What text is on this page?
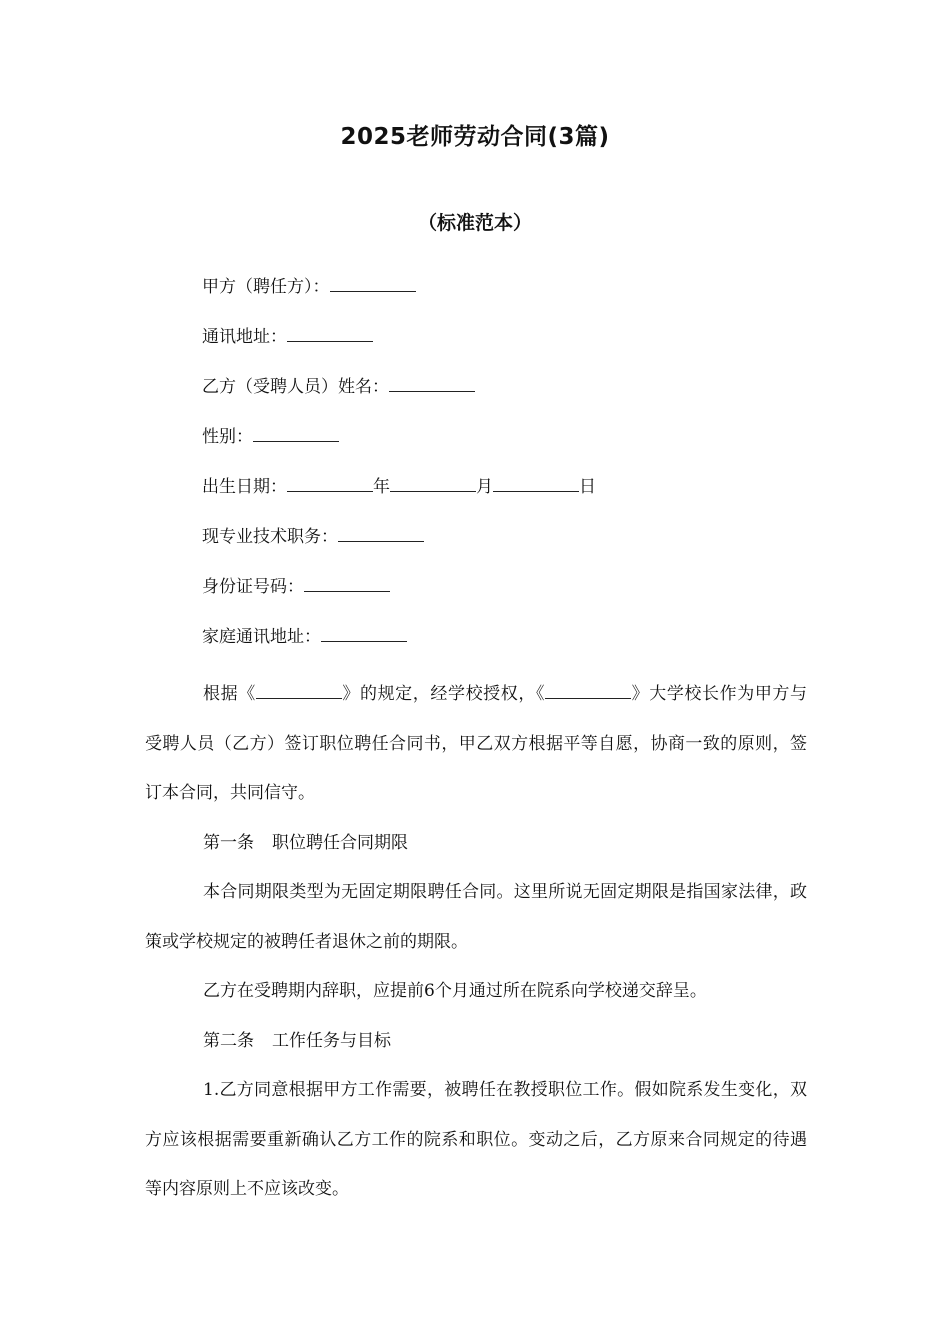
2025老师劳动合同(3篇)
（标准范本）
甲方（聘任方）：
通讯地址：
乙方（受聘人员）姓名：
性别：
出生日期：	年	月	日
现专业技术职务：
身份证号码：
家庭通讯地址：

根据《	》的规定，经学校授权，《	》大学校长作为甲方与受聘人员（乙方）签订职位聘任合同书，甲乙双方根据平等自愿，协商一致的原则，签订本合同，共同信守。

第一条 职位聘任合同期限

本合同期限类型为无固定期限聘任合同。这里所说无固定期限是指国家法律，政策或学校规定的被聘任者退休之前的期限。

乙方在受聘期内辞职，应提前6个月通过所在院系向学校递交辞呈。

第二条 工作任务与目标

1.乙方同意根据甲方工作需要，被聘任在教授职位工作。假如院系发生变化，双方应该根据需要重新确认乙方工作的院系和职位。变动之后，乙方原来合同规定的待遇等内容原则上不应该改变。
